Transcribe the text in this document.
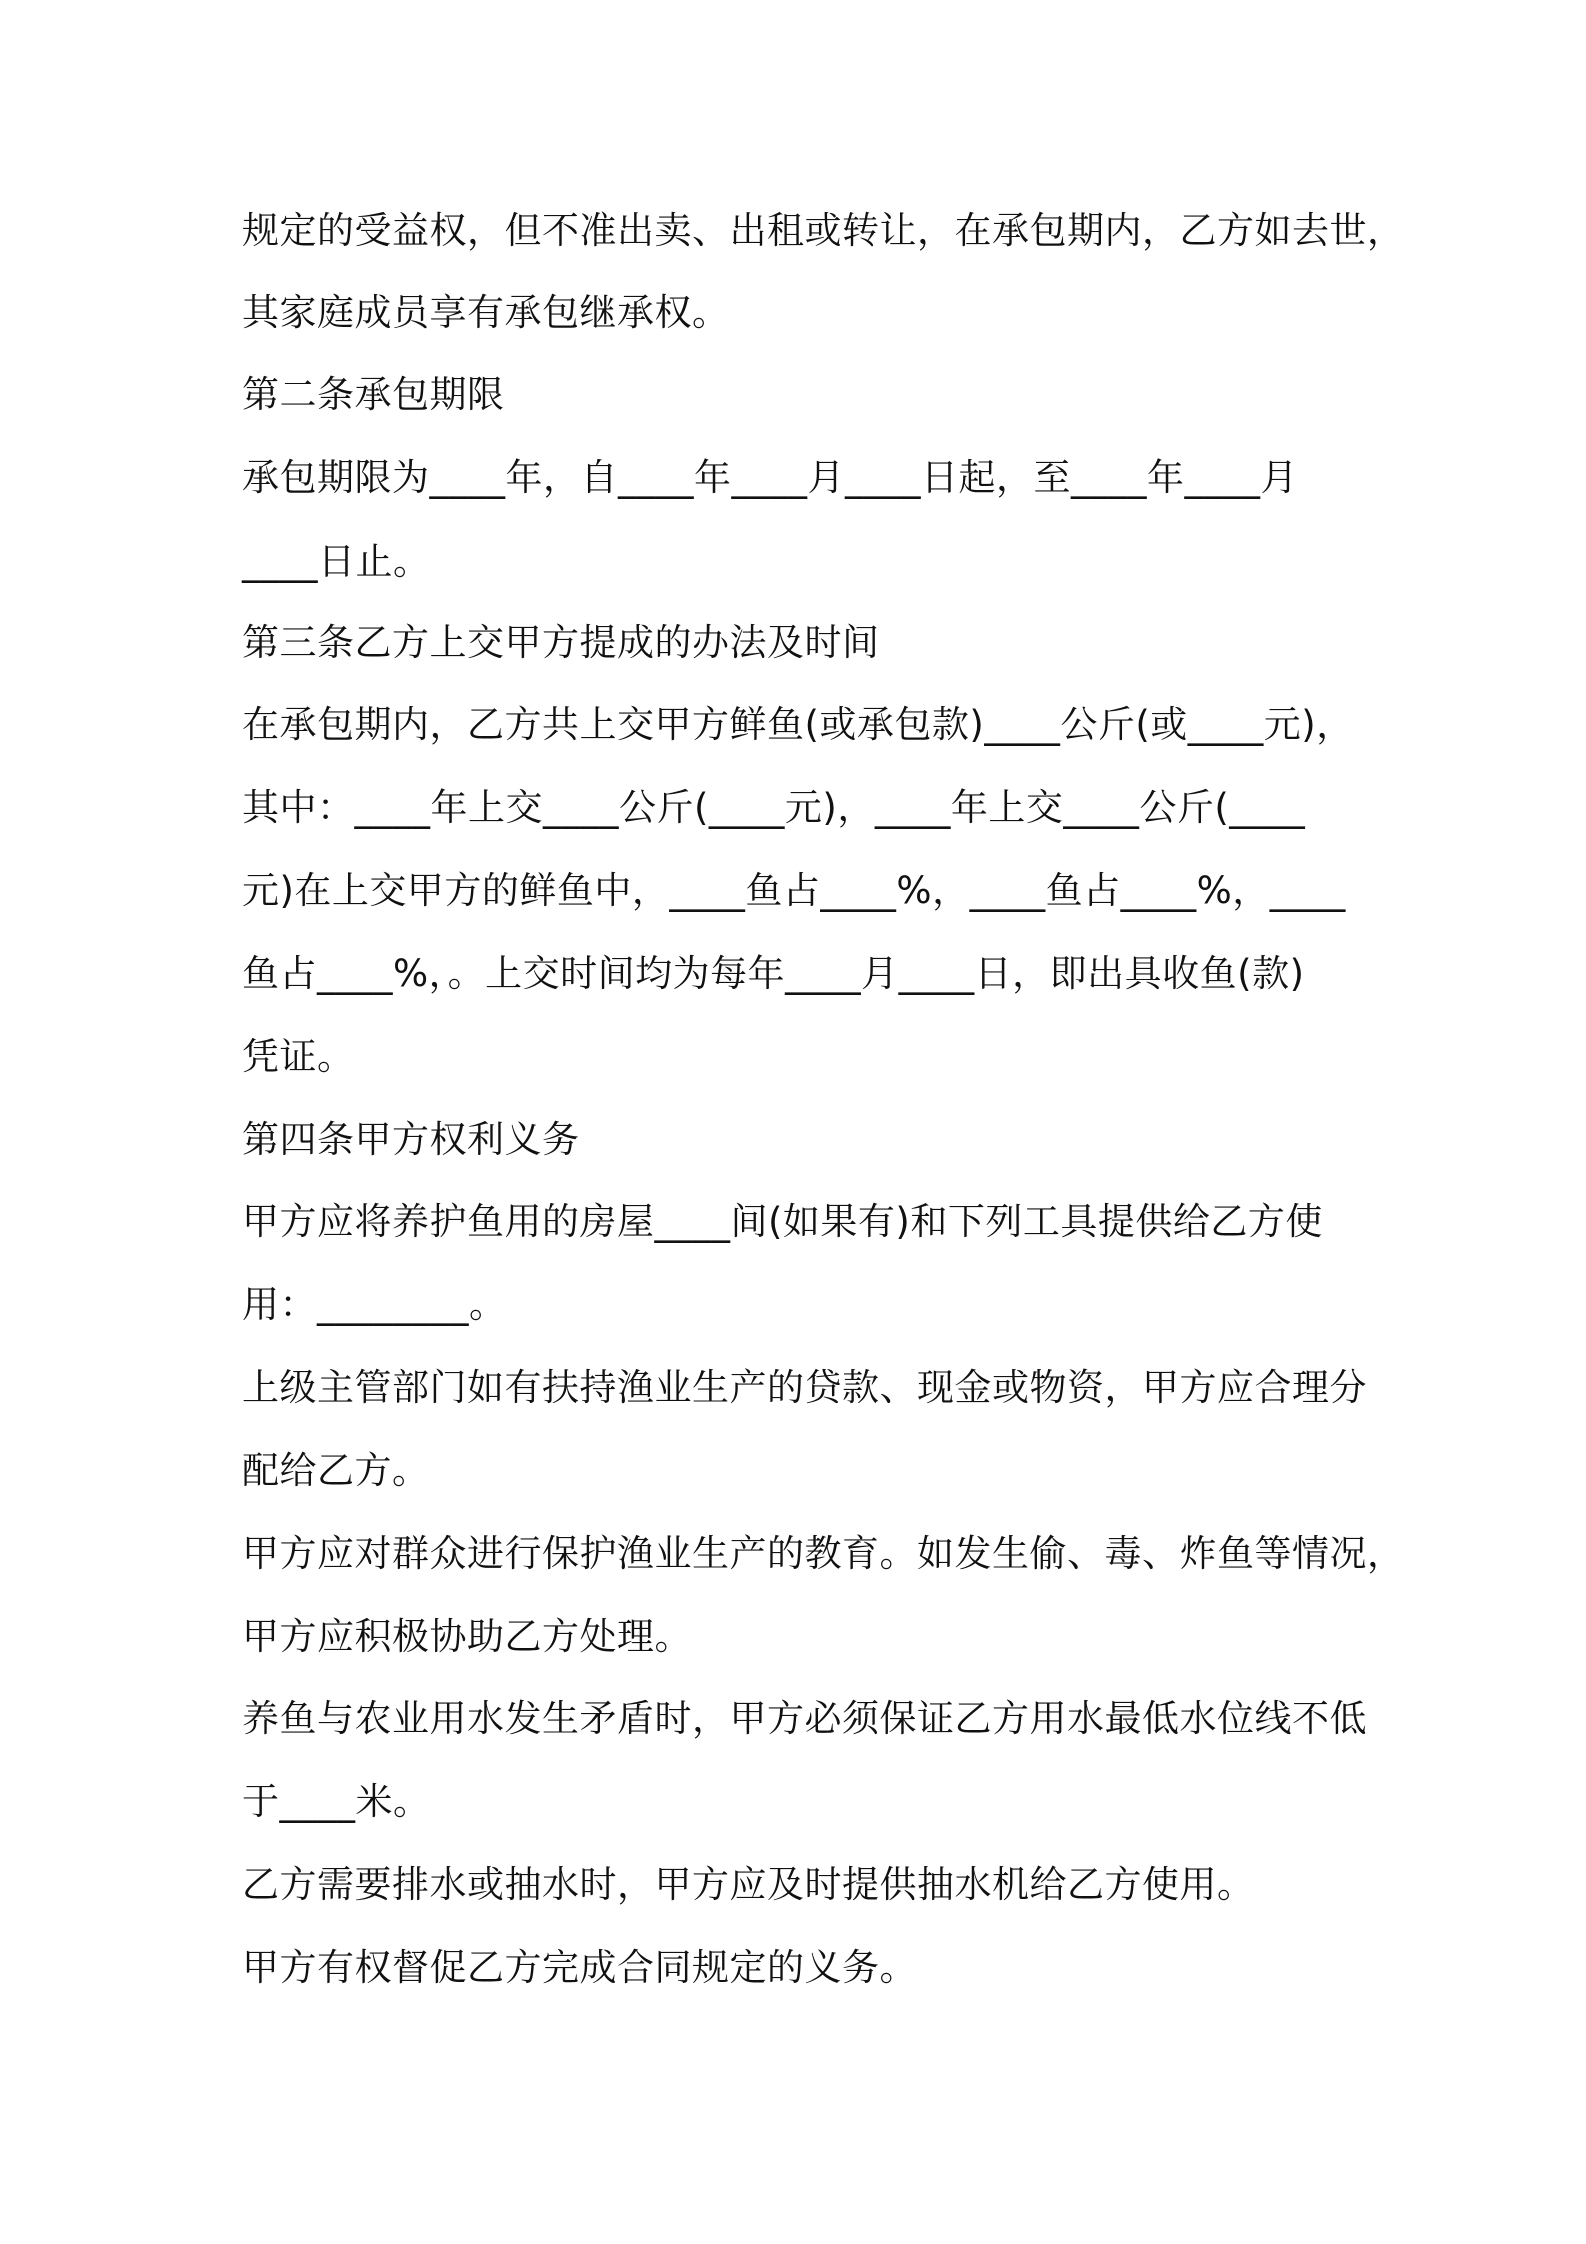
规定的受益权，但不准出卖、出租或转让，在承包期内，乙方如去世，
其家庭成员享有承包继承权。
第二条承包期限
承包期限为____年，自____年____月____日起，至____年____月
____日止。
第三条乙方上交甲方提成的办法及时间
在承包期内，乙方共上交甲方鲜鱼(或承包款)____公斤(或____元)，
其中：____年上交____公斤(____元)，____年上交____公斤(____
元)在上交甲方的鲜鱼中，____鱼占____%，____鱼占____%，____
鱼占____%，。上交时间均为每年____月____日，即出具收鱼(款)
凭证。
第四条甲方权利义务
甲方应将养护鱼用的房屋____间(如果有)和下列工具提供给乙方使
用：________。
上级主管部门如有扶持渔业生产的贷款、现金或物资，甲方应合理分
配给乙方。
甲方应对群众进行保护渔业生产的教育。如发生偷、毒、炸鱼等情况，
甲方应积极协助乙方处理。
养鱼与农业用水发生矛盾时，甲方必须保证乙方用水最低水位线不低
于____米。
乙方需要排水或抽水时，甲方应及时提供抽水机给乙方使用。
甲方有权督促乙方完成合同规定的义务。
